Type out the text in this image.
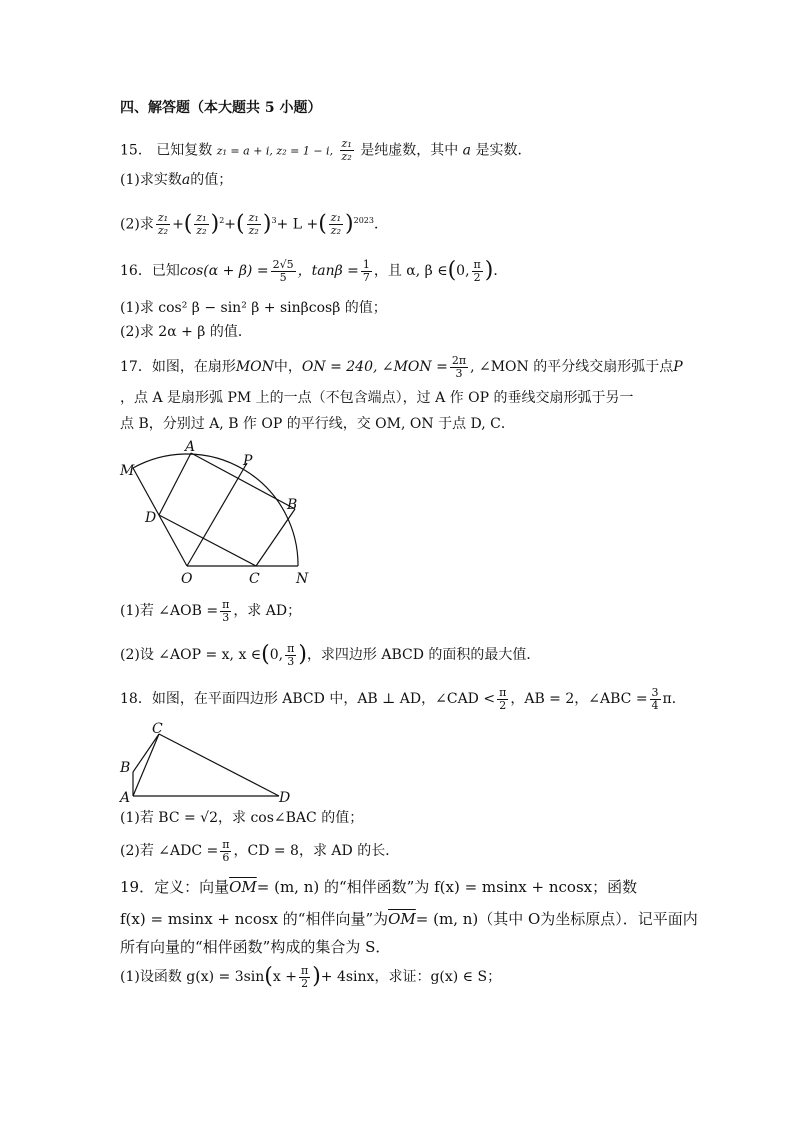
四、解答题（本大题共 5 小题）
15． 已知复数 z₁ = a + i, z₂ = 1 − i, $\frac{\text{z₁}}{\text{z₂}}$ 是纯虚数，其中 a 是实数．
(1)求实数a的值；
(2)求 $\frac{\text{z₁}}{\text{z₂}}$ +( $\frac{\text{z₁}}{\text{z₂}} )^2+( \frac{\text{z₁}}{\text{z₂}} )^3+ L$ +( $\frac{\text{z₁}}{\text{z₂}} )^{2023}$．
16．已知$\cos(\alpha + \beta) = \frac{2√5}{5}$ ，$\tan\beta = \frac{1}{7}$ ，且 α, β ∈(0, $\frac{\pi}{2}$ )．
(1)求 cos² β − sin² β + sinβcosβ 的值；
(2)求 2α + β 的值．
17．如图，在扇形MON中，ON = 240, ∠MON = $\frac{2\pi}{3}$ , ∠MON 的平分线交扇形弧于点P
，点 A 是扇形弧 PM 上的一点（不包含端点），过 A 作 OP 的垂线交扇形弧于另一
点 B，分别过 A, B 作 OP 的平行线，交 OM, ON 于点 D, C．
M
A
P
B
D
O	C	N
(1)若 ∠AOB = $\frac{\pi}{3}$ ，求 AD；
(2)设 ∠AOP = x, x ∈(0, $\frac{\pi}{3}$ )，求四边形 ABCD 的面积的最大值．
18．如图，在平面四边形 ABCD 中，AB ⊥ AD，∠CAD < $\frac{\pi}{2}$ ，AB = 2，∠ABC = $\frac{3}{4}$ π．
C
B
A	D
(1)若 BC = √2，求 cos∠BAC 的值；
(2)若 ∠ADC = $\frac{\pi}{6}$ ，CD = 8，求 AD 的长．
19．定义：向量$\overline{OM}= (m$, n) 的“相伴函数”为 f(x) = msinx + ncosx；函数
f(x) = msinx + ncosx 的“相伴向量”为$\overline{OM}= (m$, n)（其中 O为坐标原点）．记平面内
所有向量的“相伴函数”构成的集合为 S．
(1)设函数 $g(x) = 3\sin(x + \frac{\pi}{2}$ )+ 4sinx，求证：g(x) ∈ S；
